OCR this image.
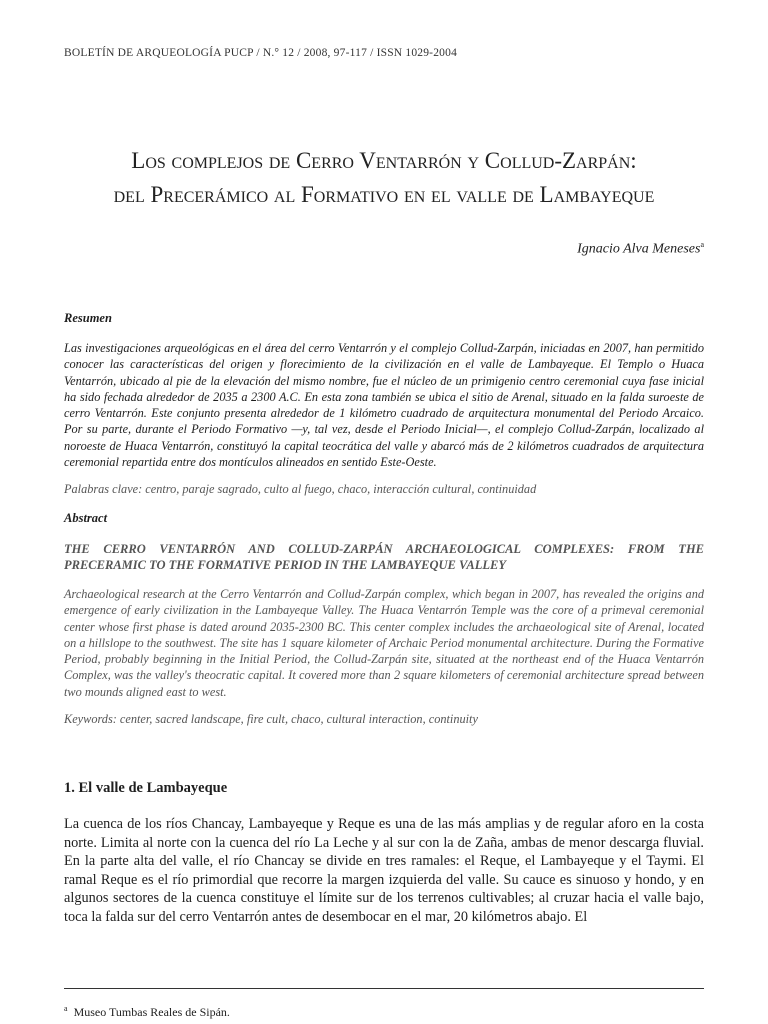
BOLETÍN DE ARQUEOLOGÍA PUCP / N.° 12 / 2008, 97-117 / ISSN 1029-2004
Los complejos de Cerro Ventarrón y Collud-Zarpán:
del Precerámico al Formativo en el valle de Lambayeque
Ignacio Alva Meneses$^a$
Resumen
Las investigaciones arqueológicas en el área del cerro Ventarrón y el complejo Collud-Zarpán, iniciadas en 2007, han permitido conocer las características del origen y florecimiento de la civilización en el valle de Lambayeque. El Templo o Huaca Ventarrón, ubicado al pie de la elevación del mismo nombre, fue el núcleo de un primigenio centro ceremonial cuya fase inicial ha sido fechada alrededor de 2035 a 2300 A.C. En esta zona también se ubica el sitio de Arenal, situado en la falda suroeste de cerro Ventarrón. Este conjunto presenta alrededor de 1 kilómetro cuadrado de arquitectura monumental del Periodo Arcaico. Por su parte, durante el Periodo Formativo —y, tal vez, desde el Periodo Inicial—, el complejo Collud-Zarpán, localizado al noroeste de Huaca Ventarrón, constituyó la capital teocrática del valle y abarcó más de 2 kilómetros cuadrados de arquitectura ceremonial repartida entre dos montículos alineados en sentido Este-Oeste.
Palabras clave: centro, paraje sagrado, culto al fuego, chaco, interacción cultural, continuidad
Abstract
THE CERRO VENTARRÓN AND COLLUD-ZARPÁN ARCHAEOLOGICAL COMPLEXES: FROM THE PRECERAMIC TO THE FORMATIVE PERIOD IN THE LAMBAYEQUE VALLEY
Archaeological research at the Cerro Ventarrón and Collud-Zarpán complex, which began in 2007, has revealed the origins and emergence of early civilization in the Lambayeque Valley. The Huaca Ventarrón Temple was the core of a primeval ceremonial center whose first phase is dated around 2035-2300 BC. This center complex includes the archaeological site of Arenal, located on a hillslope to the southwest. The site has 1 square kilometer of Archaic Period monumental architecture. During the Formative Period, probably beginning in the Initial Period, the Collud-Zarpán site, situated at the northeast end of the Huaca Ventarrón Complex, was the valley's theocratic capital. It covered more than 2 square kilometers of ceremonial architecture spread between two mounds aligned east to west.
Keywords: center, sacred landscape, fire cult, chaco, cultural interaction, continuity
1. El valle de Lambayeque
La cuenca de los ríos Chancay, Lambayeque y Reque es una de las más amplias y de regular aforo en la costa norte. Limita al norte con la cuenca del río La Leche y al sur con la de Zaña, ambas de menor descarga fluvial. En la parte alta del valle, el río Chancay se divide en tres ramales: el Reque, el Lambayeque y el Taymi. El ramal Reque es el río primordial que recorre la margen izquierda del valle. Su cauce es sinuoso y hondo, y en algunos sectores de la cuenca constituye el límite sur de los terrenos cultivables; al cruzar hacia el valle bajo, toca la falda sur del cerro Ventarrón antes de desembocar en el mar, 20 kilómetros abajo. El
$^a$ Museo Tumbas Reales de Sipán.
